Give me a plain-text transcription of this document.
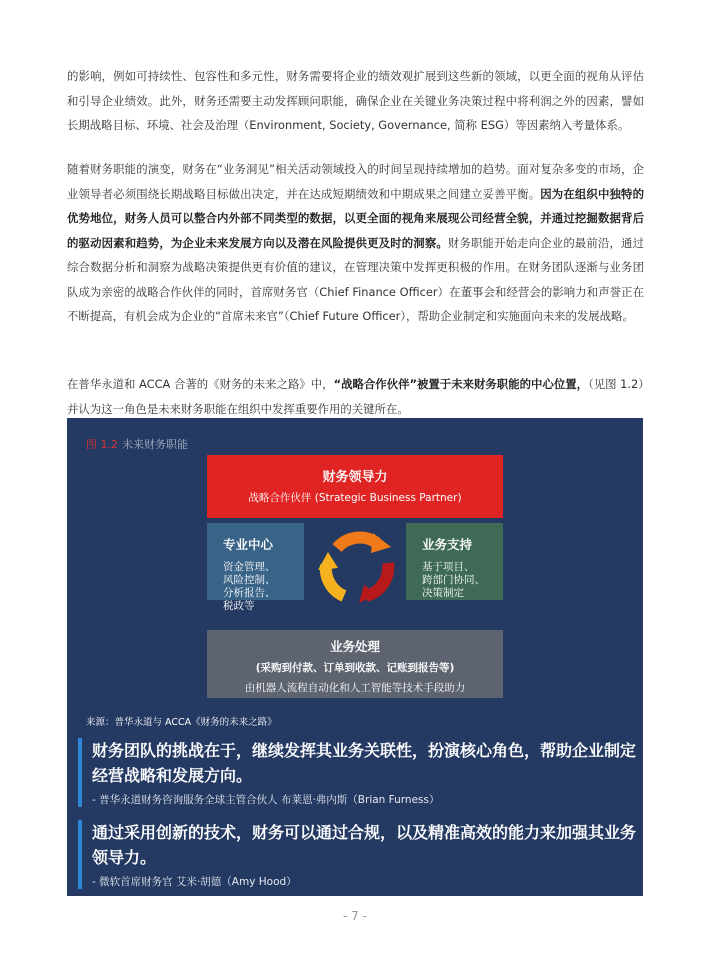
的影响，例如可持续性、包容性和多元性，财务需要将企业的绩效观扩展到这些新的领域，以更全面的视角从评估和引导企业绩效。此外，财务还需要主动发挥顾问职能，确保企业在关键业务决策过程中将利润之外的因素，譬如长期战略目标、环境、社会及治理（Environment, Society, Governance, 简称 ESG）等因素纳入考量体系。

随着财务职能的演变，财务在“业务洞见”相关活动领域投入的时间呈现持续增加的趋势。面对复杂多变的市场，企业领导者必须围绕长期战略目标做出决定，并在达成短期绩效和中期成果之间建立妥善平衡。因为在组织中独特的优势地位，财务人员可以整合内外部不同类型的数据，以更全面的视角来展现公司经营全貌，并通过挖掘数据背后的驱动因素和趋势，为企业未来发展方向以及潜在风险提供更及时的洞察。财务职能开始走向企业的最前沿，通过综合数据分析和洞察为战略决策提供更有价值的建议，在管理决策中发挥更积极的作用。在财务团队逐渐与业务团队成为亲密的战略合作伙伴的同时，首席财务官（Chief Finance Officer）在董事会和经营会的影响力和声誉正在不断提高，有机会成为企业的“首席未来官”（Chief Future Officer），帮助企业制定和实施面向未来的发展战略。

在普华永道和 ACCA 合著的《财务的未来之路》中，“战略合作伙伴”被置于未来财务职能的中心位置，（见图 1.2）并认为这一角色是未来财务职能在组织中发挥重要作用的关键所在。

图 1.2 未来财务职能
财务领导力
战略合作伙伴 (Strategic Business Partner)
专业中心
资金管理、
风险控制、
分析报告、
税政等
业务支持
基于项目、
跨部门协同、
决策制定
业务处理
(采购到付款、订单到收款、记账到报告等)
由机器人流程自动化和人工智能等技术手段助力
来源：普华永道与 ACCA《财务的未来之路》
财务团队的挑战在于，继续发挥其业务关联性，扮演核心角色，帮助企业制定经营战略和发展方向。
- 普华永道财务咨询服务全球主管合伙人 布莱恩·弗内斯（Brian Furness）
通过采用创新的技术，财务可以通过合规，以及精准高效的能力来加强其业务领导力。
- 微软首席财务官 艾米·胡德（Amy Hood）
- 7 -
